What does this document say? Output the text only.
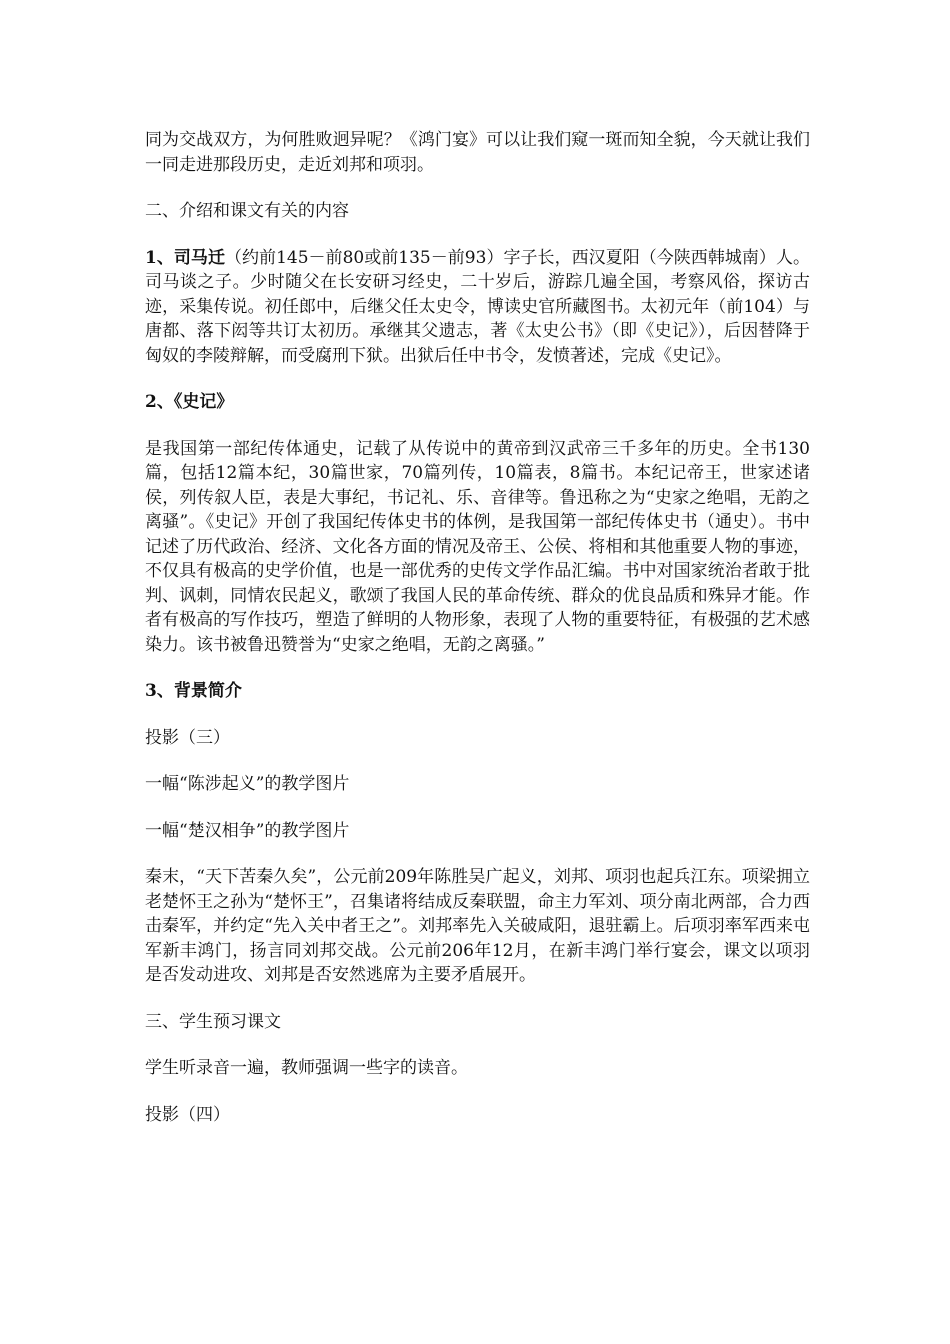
同为交战双方，为何胜败迥异呢？《鸿门宴》可以让我们窥一斑而知全貌，今天就让我们一同走进那段历史，走近刘邦和项羽。

二、介绍和课文有关的内容

1、司马迁（约前145－前80或前135－前93）字子长，西汉夏阳（今陕西韩城南）人。司马谈之子。少时随父在长安研习经史，二十岁后，游踪几遍全国，考察风俗，探访古迹，采集传说。初任郎中，后继父任太史令，博读史官所藏图书。太初元年（前104）与唐都、落下闳等共订太初历。承继其父遗志，著《太史公书》（即《史记》），后因替降于匈奴的李陵辩解，而受腐刑下狱。出狱后任中书令，发愤著述，完成《史记》。

2、《史记》

是我国第一部纪传体通史，记载了从传说中的黄帝到汉武帝三千多年的历史。全书130篇，包括12篇本纪，30篇世家，70篇列传，10篇表，8篇书。本纪记帝王，世家述诸侯，列传叙人臣，表是大事纪，书记礼、乐、音律等。鲁迅称之为“史家之绝唱，无韵之离骚”。《史记》开创了我国纪传体史书的体例，是我国第一部纪传体史书（通史）。书中记述了历代政治、经济、文化各方面的情况及帝王、公侯、将相和其他重要人物的事迹，不仅具有极高的史学价值，也是一部优秀的史传文学作品汇编。书中对国家统治者敢于批判、讽刺，同情农民起义，歌颂了我国人民的革命传统、群众的优良品质和殊异才能。作者有极高的写作技巧，塑造了鲜明的人物形象，表现了人物的重要特征，有极强的艺术感染力。该书被鲁迅赞誉为“史家之绝唱，无韵之离骚。”

3、背景简介

投影（三）

一幅“陈涉起义”的教学图片

一幅“楚汉相争”的教学图片

秦末，“天下苦秦久矣”，公元前209年陈胜吴广起义，刘邦、项羽也起兵江东。项梁拥立老楚怀王之孙为“楚怀王”，召集诸将结成反秦联盟，命主力军刘、项分南北两部，合力西击秦军，并约定“先入关中者王之”。刘邦率先入关破咸阳，退驻霸上。后项羽率军西来屯军新丰鸿门，扬言同刘邦交战。公元前206年12月，在新丰鸿门举行宴会，课文以项羽是否发动进攻、刘邦是否安然逃席为主要矛盾展开。

三、学生预习课文

学生听录音一遍，教师强调一些字的读音。

投影（四）
